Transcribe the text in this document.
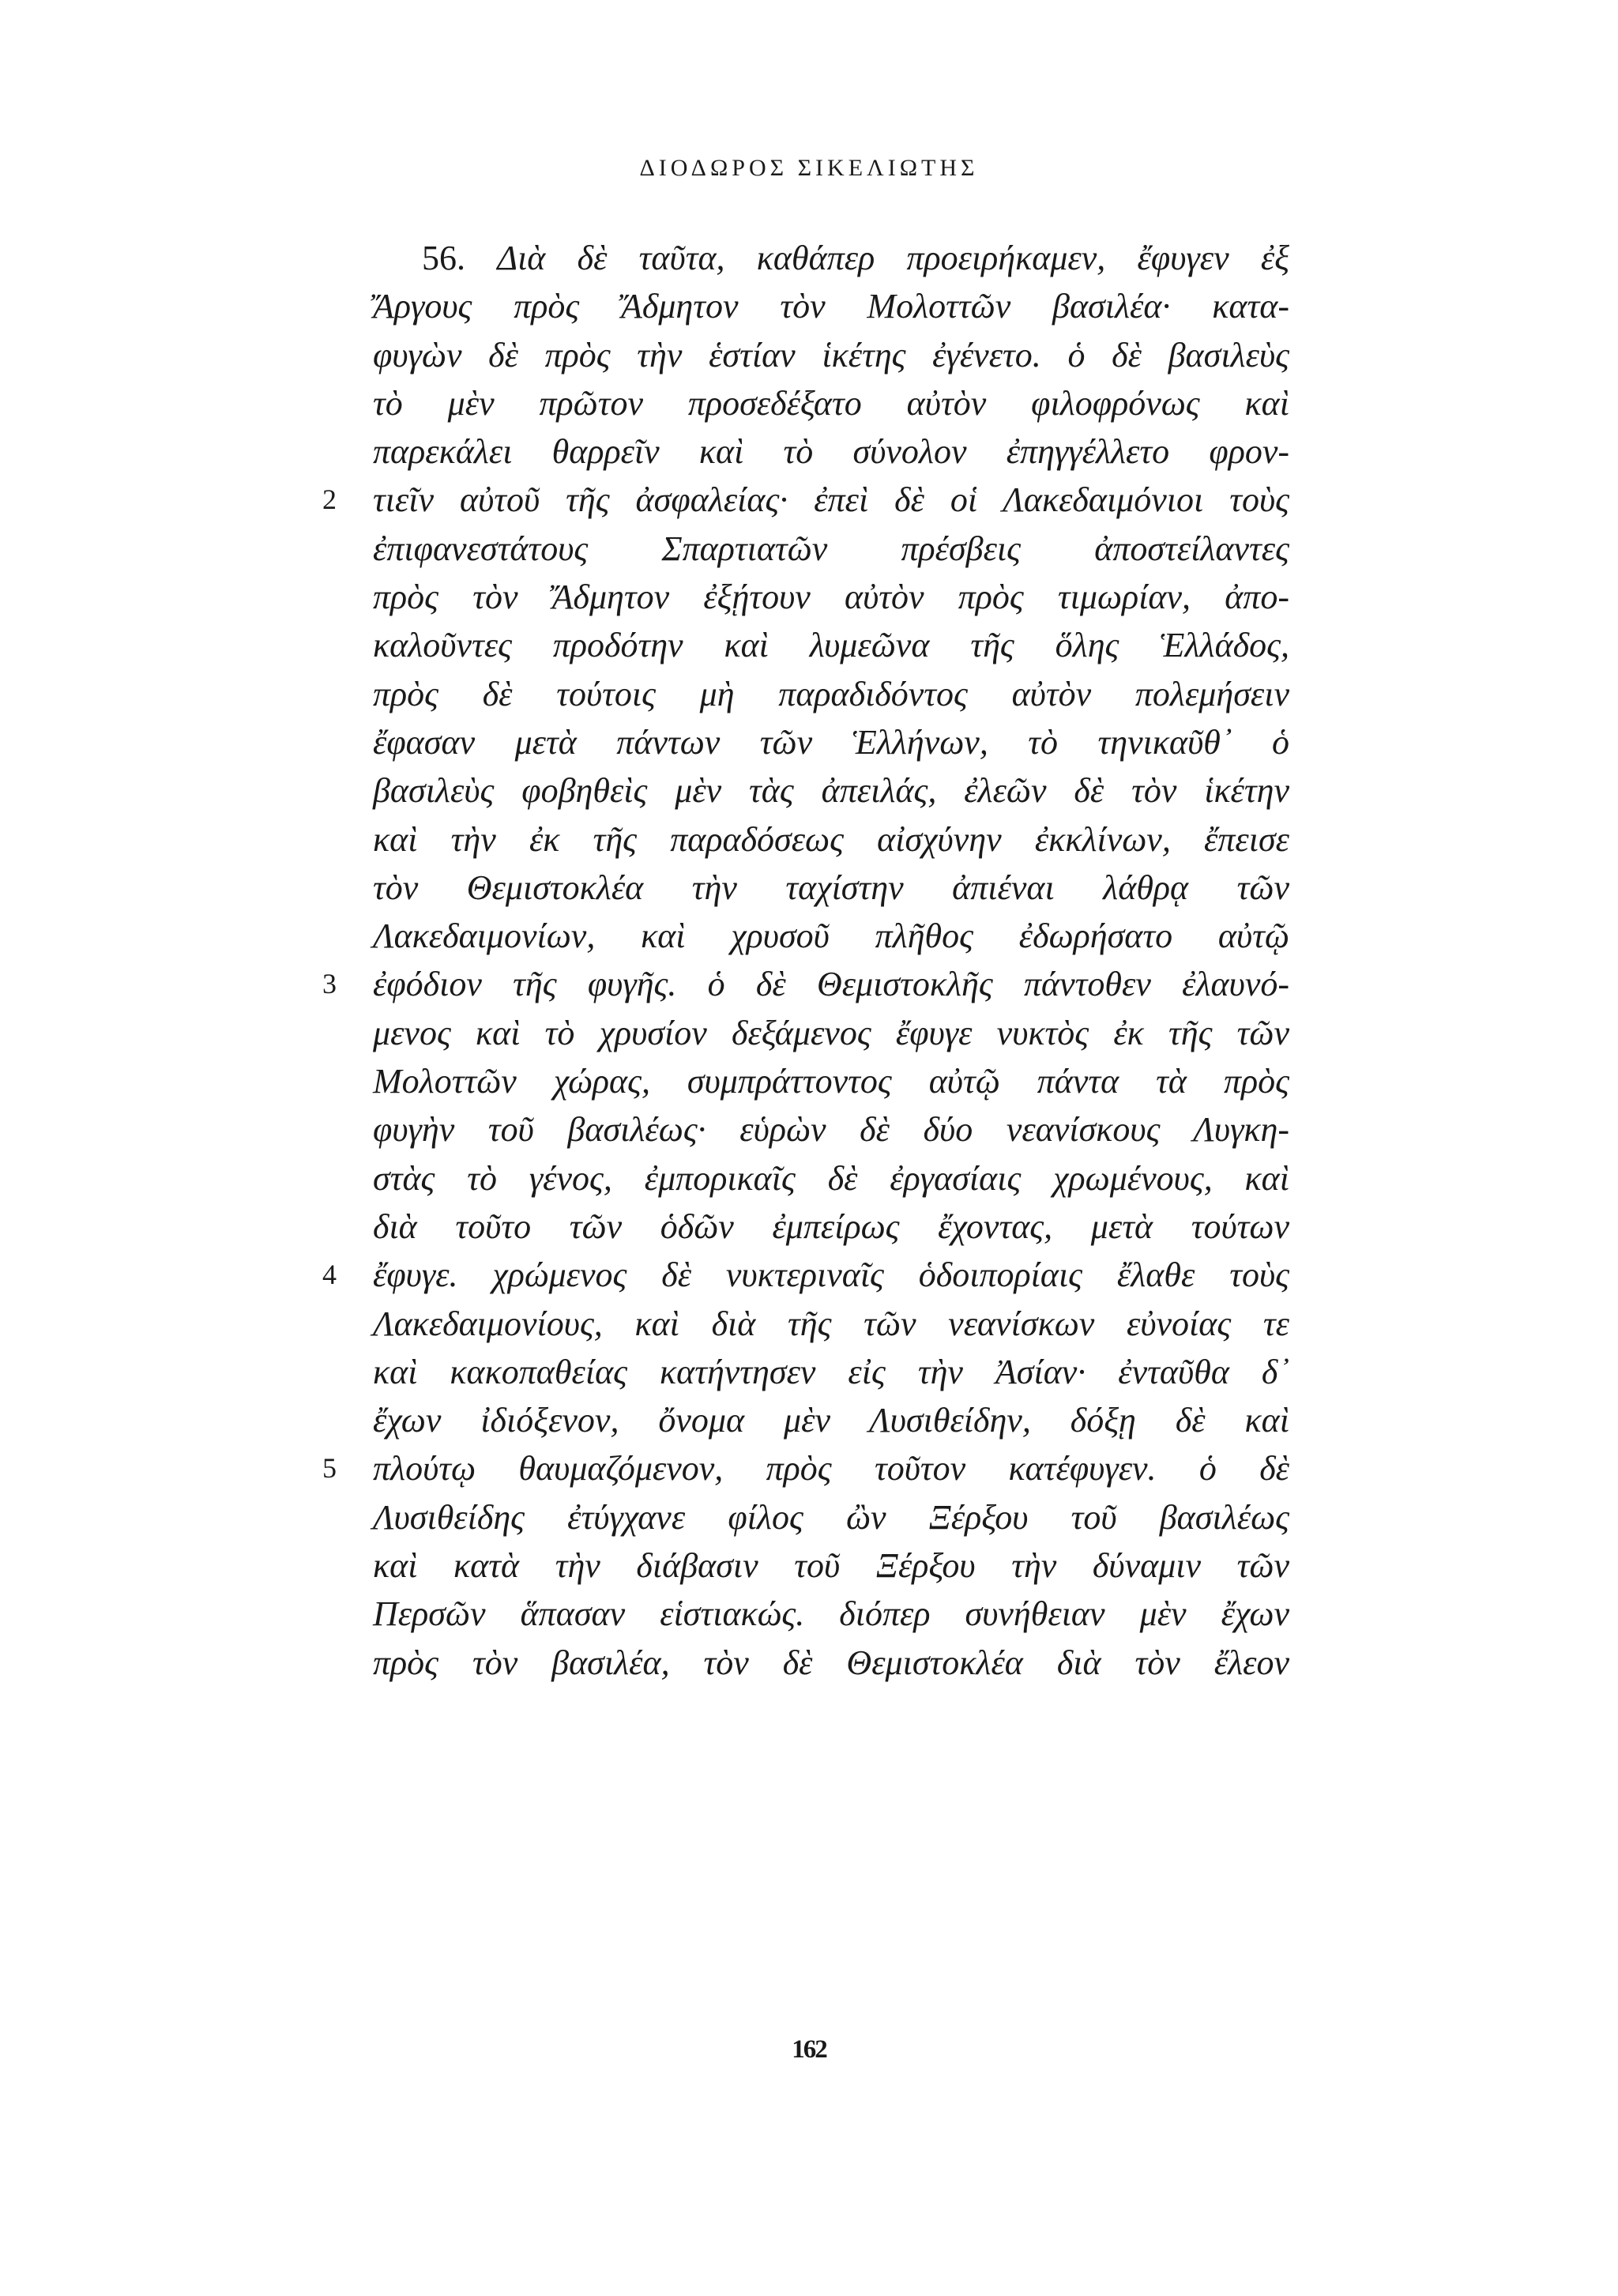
ΔΙΟΔΩΡΟΣ ΣΙΚΕΛΙΩΤΗΣ
56. Διὰ δὲ ταῦτα, καθάπερ προειρήκαμεν, ἔφυγεν ἐξ
Ἄργους πρὸς Ἄδμητον τὸν Μολοττῶν βασιλέα· κατα-
φυγὼν δὲ πρὸς τὴν ἑστίαν ἱκέτης ἐγένετο. ὁ δὲ βασιλεὺς
τὸ μὲν πρῶτον προσεδέξατο αὐτὸν φιλοφρόνως καὶ
παρεκάλει θαρρεῖν καὶ τὸ σύνολον ἐπηγγέλλετο φρον-
2 τιεῖν αὐτοῦ τῆς ἀσφαλείας· ἐπεὶ δὲ οἱ Λακεδαιμόνιοι τοὺς
ἐπιφανεστάτους Σπαρτιατῶν πρέσβεις ἀποστείλαντες
πρὸς τὸν Ἄδμητον ἐξῄτουν αὐτὸν πρὸς τιμωρίαν, ἀπο-
καλοῦντες προδότην καὶ λυμεῶνα τῆς ὅλης Ἑλλάδος,
πρὸς δὲ τούτοις μὴ παραδιδόντος αὐτὸν πολεμήσειν
ἔφασαν μετὰ πάντων τῶν Ἑλλήνων, τὸ τηνικαῦθ᾽ ὁ
βασιλεὺς φοβηθεὶς μὲν τὰς ἀπειλάς, ἐλεῶν δὲ τὸν ἱκέτην
καὶ τὴν ἐκ τῆς παραδόσεως αἰσχύνην ἐκκλίνων, ἔπεισε
τὸν Θεμιστοκλέα τὴν ταχίστην ἀπιέναι λάθρᾳ τῶν
Λακεδαιμονίων, καὶ χρυσοῦ πλῆθος ἐδωρήσατο αὐτῷ
3 ἐφόδιον τῆς φυγῆς. ὁ δὲ Θεμιστοκλῆς πάντοθεν ἐλαυνό-
μενος καὶ τὸ χρυσίον δεξάμενος ἔφυγε νυκτὸς ἐκ τῆς τῶν
Μολοττῶν χώρας, συμπράττοντος αὐτῷ πάντα τὰ πρὸς
φυγὴν τοῦ βασιλέως· εὑρὼν δὲ δύο νεανίσκους Λυγκη-
στὰς τὸ γένος, ἐμπορικαῖς δὲ ἐργασίαις χρωμένους, καὶ
διὰ τοῦτο τῶν ὁδῶν ἐμπείρως ἔχοντας, μετὰ τούτων
4 ἔφυγε. χρώμενος δὲ νυκτεριναῖς ὁδοιπορίαις ἔλαθε τοὺς
Λακεδαιμονίους, καὶ διὰ τῆς τῶν νεανίσκων εὐνοίας τε
καὶ κακοπαθείας κατήντησεν εἰς τὴν Ἀσίαν· ἐνταῦθα δ᾽
ἔχων ἰδιόξενον, ὄνομα μὲν Λυσιθείδην, δόξῃ δὲ καὶ
5 πλούτῳ θαυμαζόμενον, πρὸς τοῦτον κατέφυγεν. ὁ δὲ
Λυσιθείδης ἐτύγχανε φίλος ὢν Ξέρξου τοῦ βασιλέως
καὶ κατὰ τὴν διάβασιν τοῦ Ξέρξου τὴν δύναμιν τῶν
Περσῶν ἅπασαν εἱστιακώς. διόπερ συνήθειαν μὲν ἔχων
πρὸς τὸν βασιλέα, τὸν δὲ Θεμιστοκλέα διὰ τὸν ἔλεον
162
